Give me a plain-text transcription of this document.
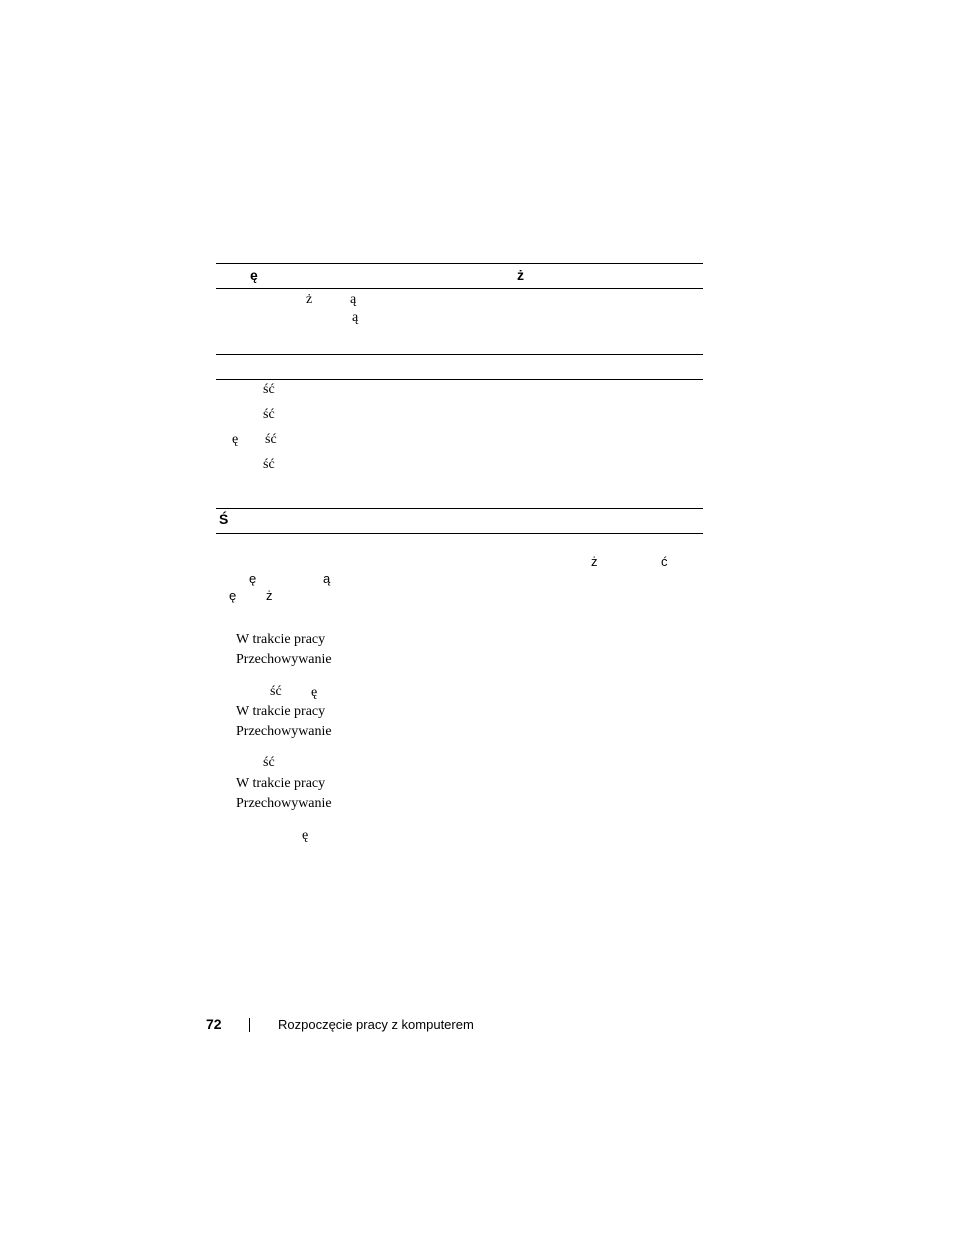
ę	ż
ż	ą
ą
ść
ść
ę ść
ść
Ś
ż	ć
ę	ą
ę ż
W trakcie pracy
Przechowywanie
ść ę
W trakcie pracy
Przechowywanie
ść
W trakcie pracy
Przechowywanie
ę
72	Rozpoczęcie pracy z komputerem
